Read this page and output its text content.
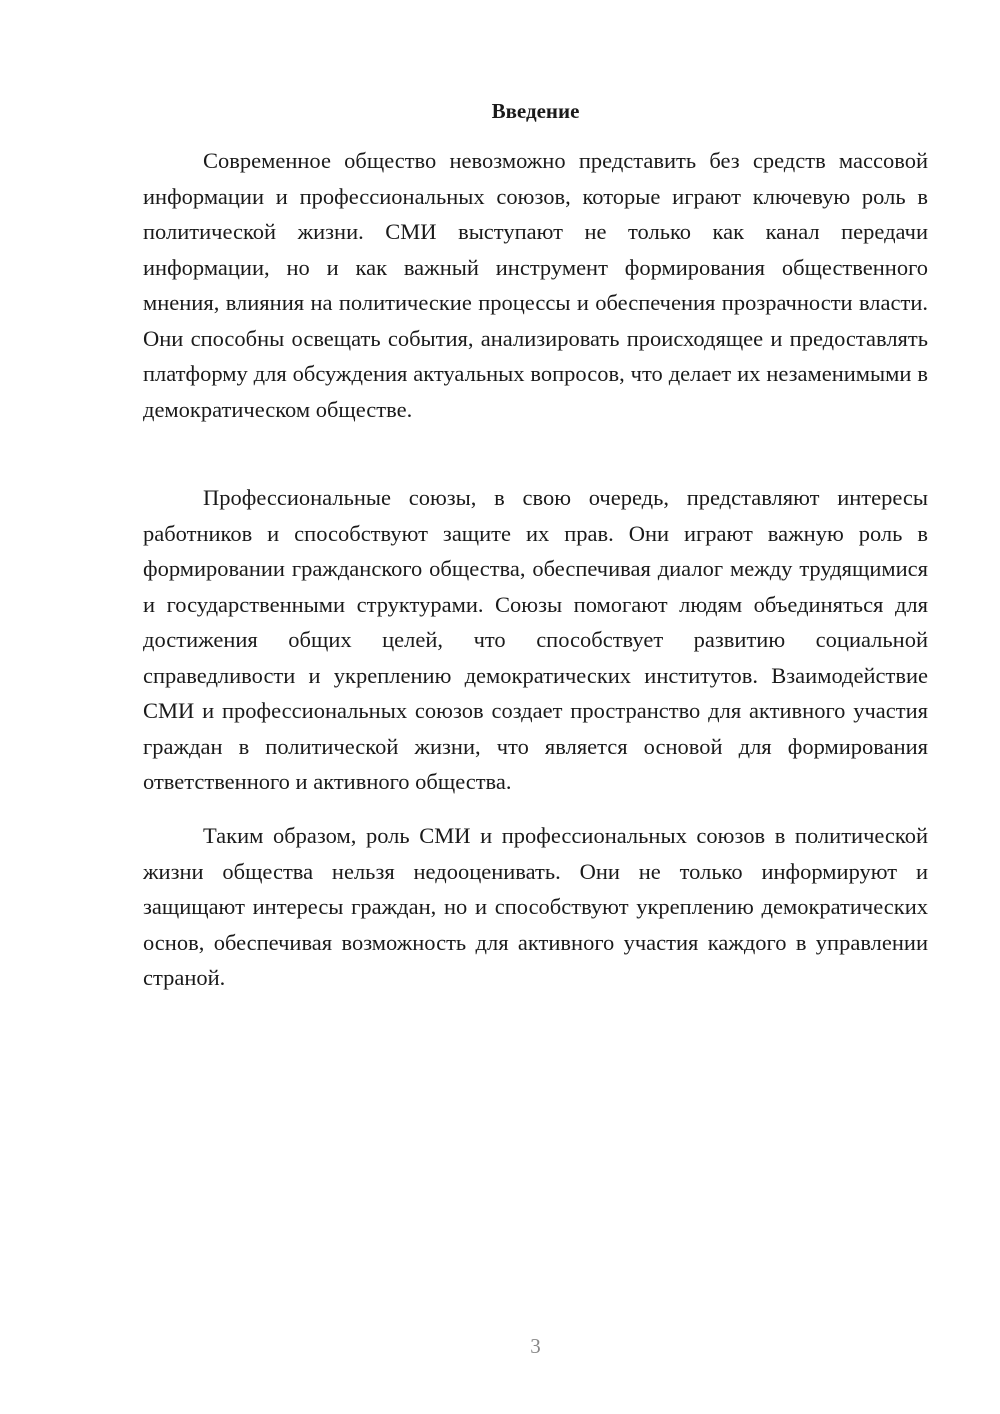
Введение

Современное общество невозможно представить без средств массовой информации и профессиональных союзов, которые играют ключевую роль в политической жизни. СМИ выступают не только как канал передачи информации, но и как важный инструмент формирования общественного мнения, влияния на политические процессы и обеспечения прозрачности власти. Они способны освещать события, анализировать происходящее и предоставлять платформу для обсуждения актуальных вопросов, что делает их незаменимыми в демократическом обществе.

Профессиональные союзы, в свою очередь, представляют интересы работников и способствуют защите их прав. Они играют важную роль в формировании гражданского общества, обеспечивая диалог между трудящимися и государственными структурами. Союзы помогают людям объединяться для достижения общих целей, что способствует развитию социальной справедливости и укреплению демократических институтов. Взаимодействие СМИ и профессиональных союзов создает пространство для активного участия граждан в политической жизни, что является основой для формирования ответственного и активного общества.

Таким образом, роль СМИ и профессиональных союзов в политической жизни общества нельзя недооценивать. Они не только информируют и защищают интересы граждан, но и способствуют укреплению демократических основ, обеспечивая возможность для активного участия каждого в управлении страной.

3
